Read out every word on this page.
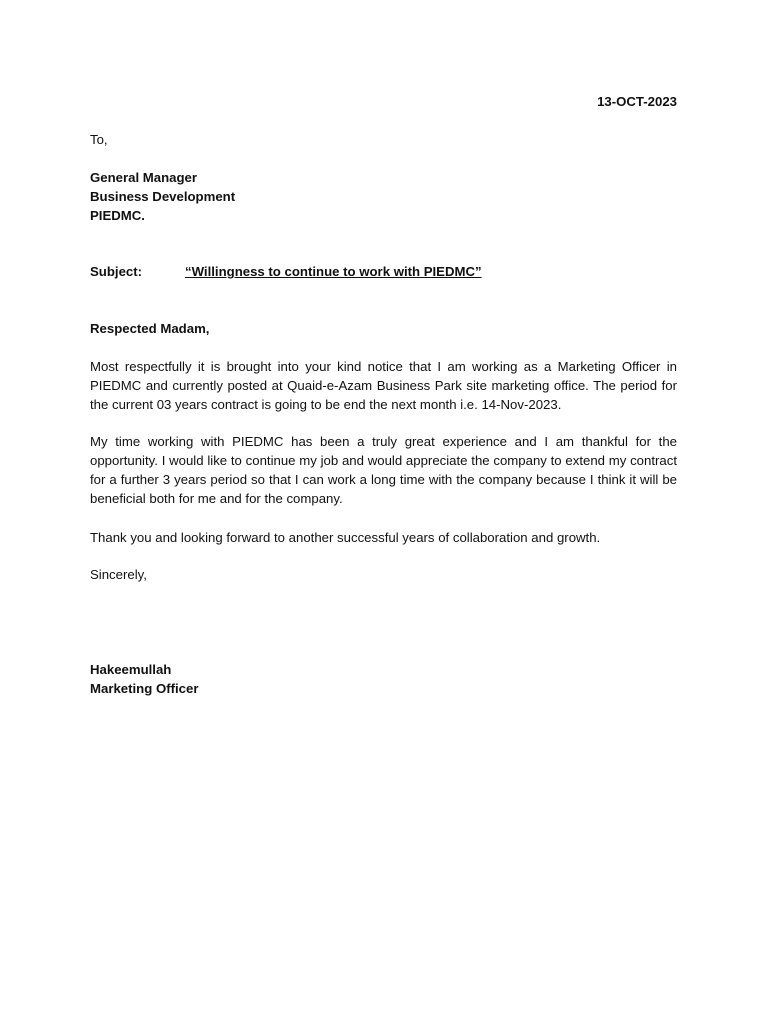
13-OCT-2023
To,
General Manager
Business Development
PIEDMC.
Subject:	“Willingness to continue to work with PIEDMC”
Respected Madam,
Most respectfully it is brought into your kind notice that I am working as a Marketing Officer in PIEDMC and currently posted at Quaid-e-Azam Business Park site marketing office. The period for the current 03 years contract is going to be end the next month i.e. 14-Nov-2023.
My time working with PIEDMC has been a truly great experience and I am thankful for the opportunity. I would like to continue my job and would appreciate the company to extend my contract for a further 3 years period so that I can work a long time with the company because I think it will be beneficial both for me and for the company.
Thank you and looking forward to another successful years of collaboration and growth.
Sincerely,
Hakeemullah
Marketing Officer
